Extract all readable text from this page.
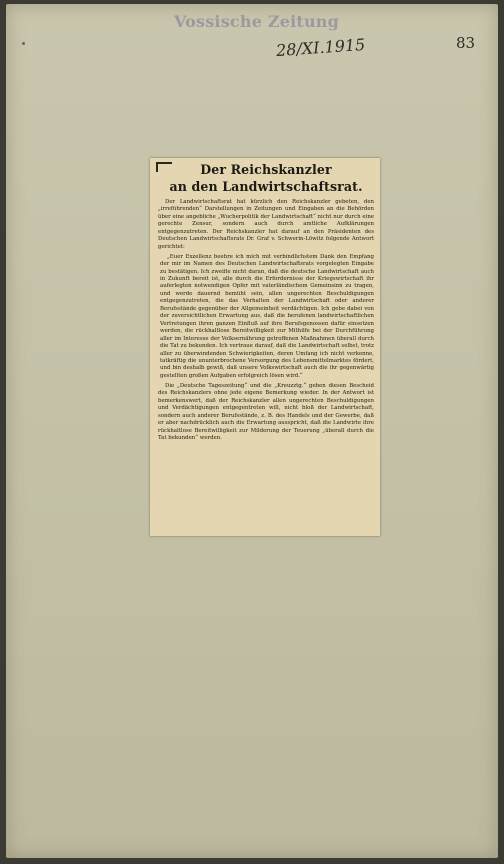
Vossische Zeitung
28/XI.1915	83
Der Reichskanzler
an den Landwirtschaftsrat.

Der Landwirtschaftsrat hat kürzlich den Reichskanzler gebeten, den „irreführenden“ Darstellungen in Zeitungen und Eingaben an die Behörden über eine angebliche „Wucherpolitik der Landwirtschaft“ nicht nur durch eine gerechte Zensur, sondern auch durch amtliche Aufklärungen entgegenzutreten. Der Reichskanzler hat darauf an den Präsidenten des Deutschen Landwirtschaftsrats Dr. Graf v. Schwerin-Löwitz folgende Antwort gerichtet:

„Euer Exzellenz beehre ich mich mit verbindlichstem Dank den Empfang der mir im Namen des Deutschen Landwirtschaftsrats vorgelegten Eingabe zu bestätigen. Ich zweifle nicht daran, daß die deutsche Landwirtschaft auch in Zukunft bereit ist, alle durch die Erfordernisse der Kriegswirtschaft ihr auferlegten notwendigen Opfer mit vaterländischem Gemeinsinn zu tragen, und werde dauernd bemüht sein, allen ungerechten Beschuldigungen entgegenzutreten, die das Verhalten der Landwirtschaft oder anderer Berufsstände gegenüber der Allgemeinheit verdächtigen. Ich gebe dabei von der zuversichtlichen Erwartung aus, daß die berufenen landwirtschaftlichen Vertretungen ihren ganzen Einfluß auf ihre Berufsgenossen dafür einsetzen werden, die rückhaltlose Bereitwilligkeit zur Mithilfe bei der Durchführung aller im Interesse der Volksernährung getroffenen Maßnahmen überall durch die Tat zu bekunden. Ich vertraue darauf, daß die Landwirtschaft selbst, trotz aller zu überwindenden Schwierigkeiten, deren Umfang ich nicht verkenne, tatkräftig die ununterbrochene Versorgung des Lebensmittelmarktes fördert, und bin deshalb gewiß, daß unsere Volkswirtschaft auch die ihr gegenwärtig gestellten großen Aufgaben erfolgreich lösen wird.“

Die „Deutsche Tageszeitung“ und die „Kreuzztg.“ geben diesen Bescheid des Reichskanzlers ohne jede eigene Bemerkung wieder. In der Antwort ist bemerkenswert, daß der Reichskanzler allen ungerechten Beschuldigungen und Verdächtigungen entgegentreten will, nicht bloß der Landwirtschaft, sondern auch anderer Berufsstände, z. B. des Handels und der Gewerbe, daß er aber nachdrücklich auch die Erwartung ausspricht, daß die Landwirte ihre rückhaltlose Bereitwilligkeit zur Milderung der Teuerung „überall durch die Tat bekunden“ werden.
